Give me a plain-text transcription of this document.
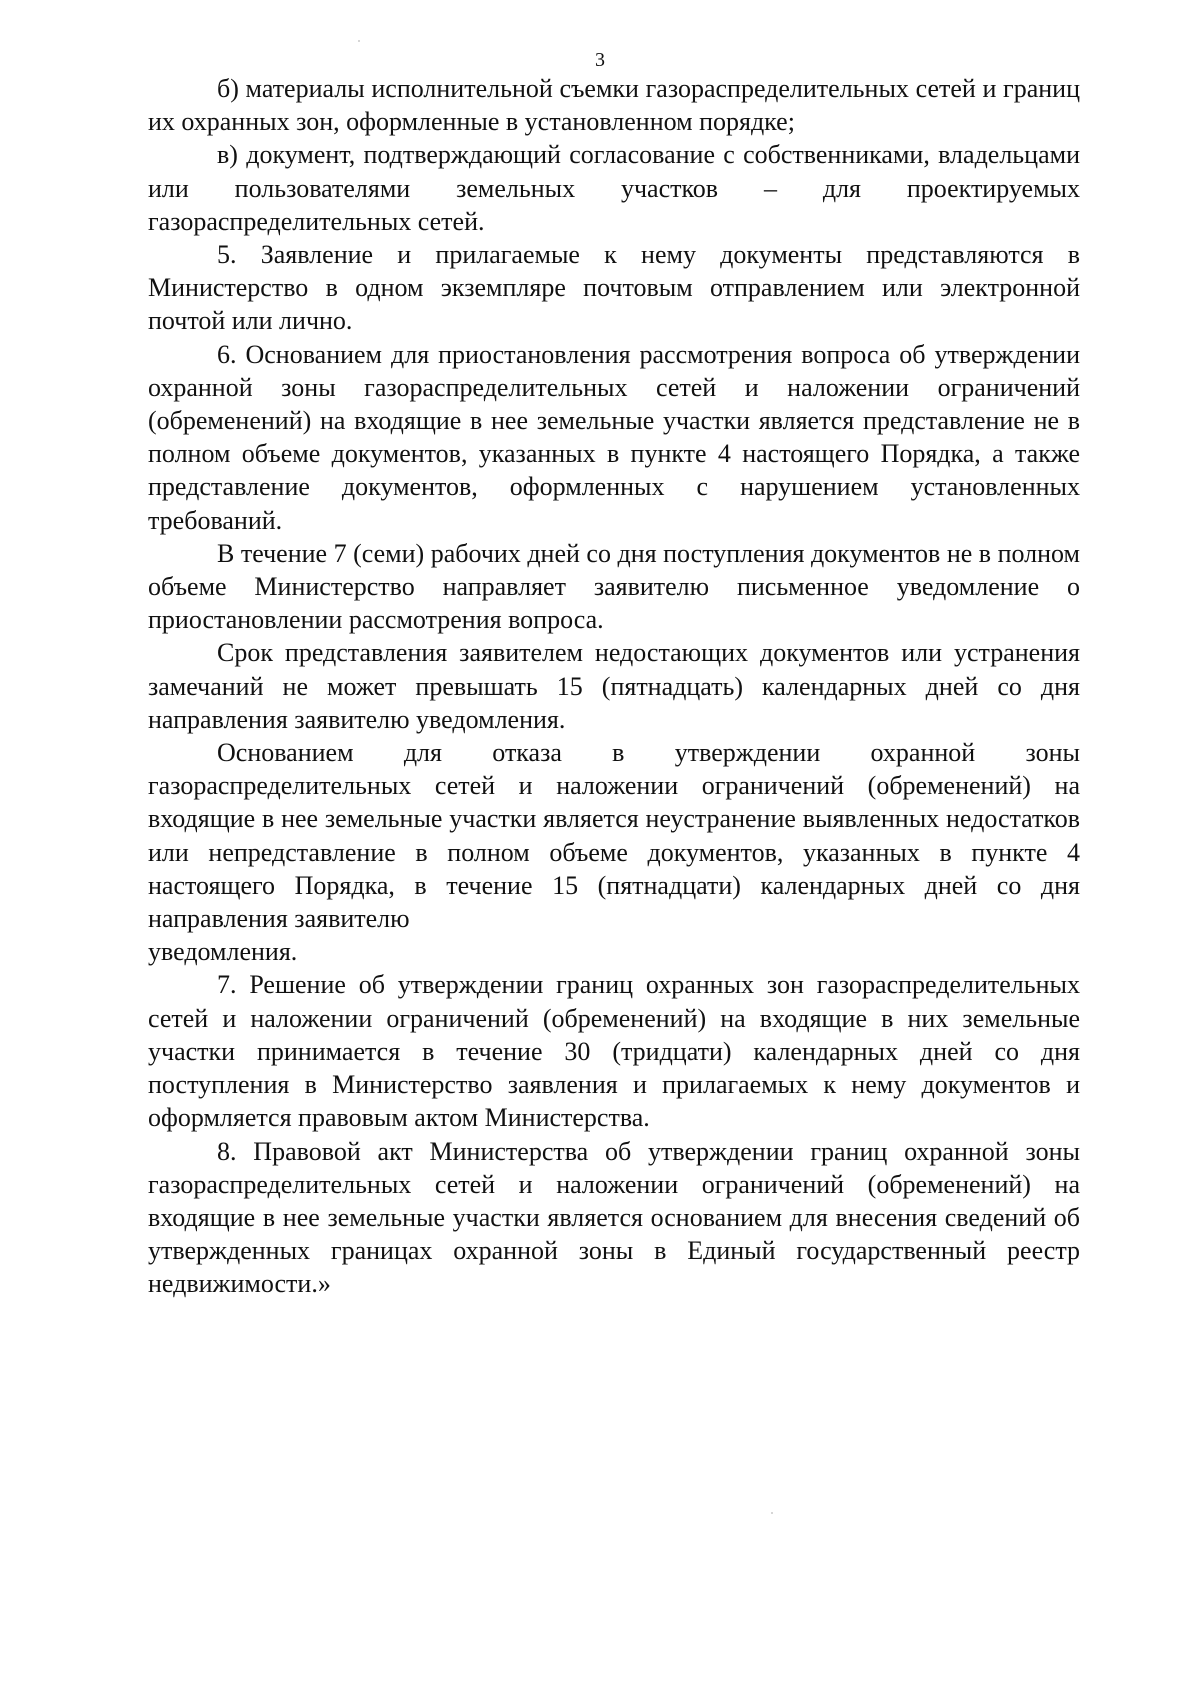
3

б) материалы исполнительной съемки газораспределительных сетей и границ их охранных зон, оформленные в установленном порядке;

в) документ, подтверждающий согласование с собственниками, владельцами или пользователями земельных участков – для проектируемых газораспределительных сетей.

5. Заявление и прилагаемые к нему документы представляются в Министерство в одном экземпляре почтовым отправлением или электронной почтой или лично.

6. Основанием для приостановления рассмотрения вопроса об утверждении охранной зоны газораспределительных сетей и наложении ограничений (обременений) на входящие в нее земельные участки является представление не в полном объеме документов, указанных в пункте 4 настоящего Порядка, а также представление документов, оформленных с нарушением установленных требований.

В течение 7 (семи) рабочих дней со дня поступления документов не в полном объеме Министерство направляет заявителю письменное уведомление о приостановлении рассмотрения вопроса.

Срок представления заявителем недостающих документов или устранения замечаний не может превышать 15 (пятнадцать) календарных дней со дня направления заявителю уведомления.

Основанием для отказа в утверждении охранной зоны газораспределительных сетей и наложении ограничений (обременений) на входящие в нее земельные участки является неустранение выявленных недостатков или непредставление в полном объеме документов, указанных в пункте 4 настоящего Порядка, в течение 15 (пятнадцати) календарных дней со дня направления заявителю

уведомления.

7. Решение об утверждении границ охранных зон газораспределительных сетей и наложении ограничений (обременений) на входящие в них земельные участки принимается в течение 30 (тридцати) календарных дней со дня поступления в Министерство заявления и прилагаемых к нему документов и оформляется правовым актом Министерства.

8. Правовой акт Министерства об утверждении границ охранной зоны газораспределительных сетей и наложении ограничений (обременений) на входящие в нее земельные участки является основанием для внесения сведений об утвержденных границах охранной зоны в Единый государственный реестр недвижимости.»
